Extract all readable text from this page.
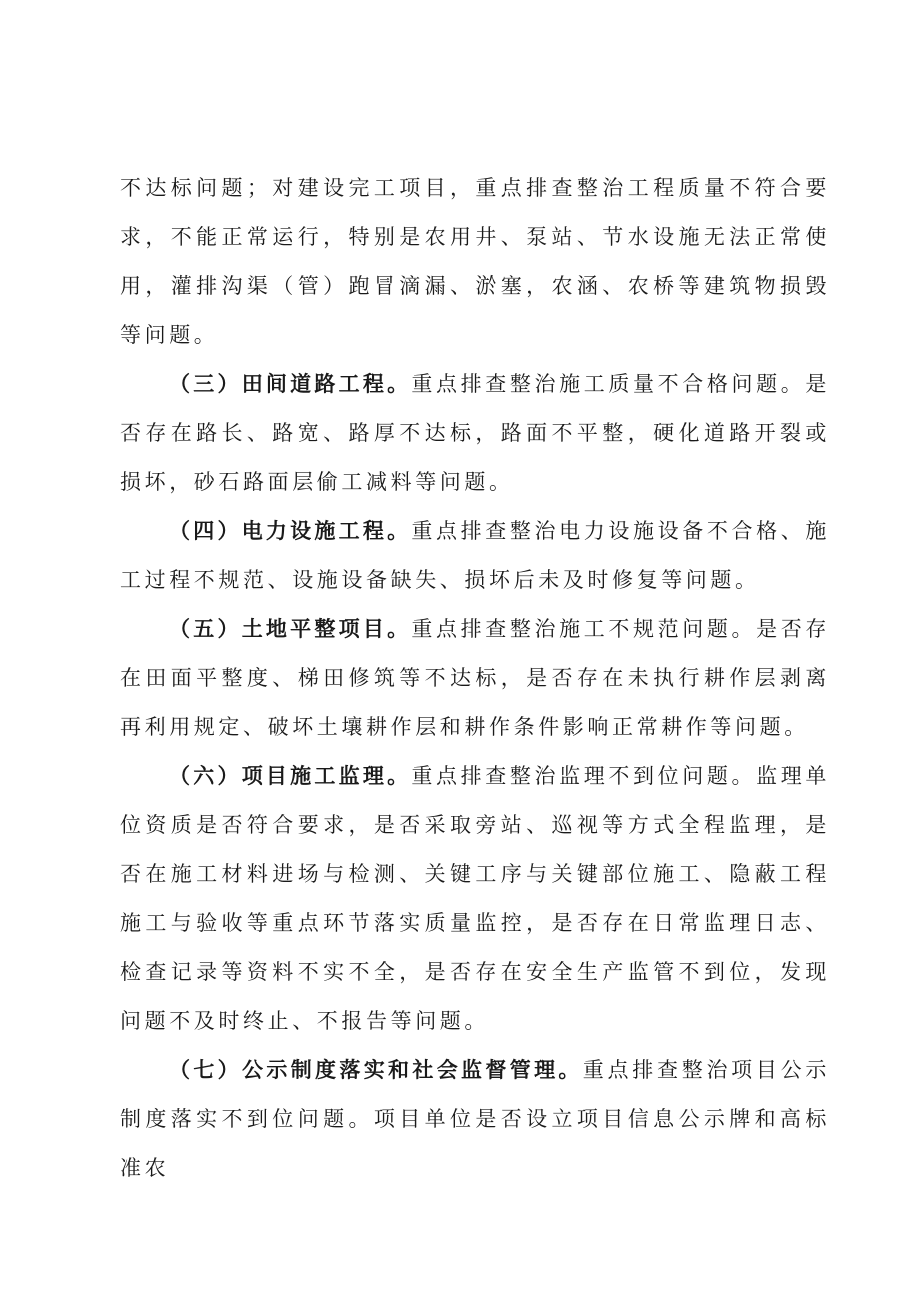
不达标问题；对建设完工项目，重点排查整治工程质量不符合要求，不能正常运行，特别是农用井、泵站、节水设施无法正常使用，灌排沟渠（管）跑冒滴漏、淤塞，农涵、农桥等建筑物损毁等问题。

（三）田间道路工程。重点排查整治施工质量不合格问题。是否存在路长、路宽、路厚不达标，路面不平整，硬化道路开裂或损坏，砂石路面层偷工减料等问题。

（四）电力设施工程。重点排查整治电力设施设备不合格、施工过程不规范、设施设备缺失、损坏后未及时修复等问题。

（五）土地平整项目。重点排查整治施工不规范问题。是否存在田面平整度、梯田修筑等不达标，是否存在未执行耕作层剥离再利用规定、破坏土壤耕作层和耕作条件影响正常耕作等问题。

（六）项目施工监理。重点排查整治监理不到位问题。监理单位资质是否符合要求，是否采取旁站、巡视等方式全程监理，是否在施工材料进场与检测、关键工序与关键部位施工、隐蔽工程施工与验收等重点环节落实质量监控，是否存在日常监理日志、检查记录等资料不实不全，是否存在安全生产监管不到位，发现问题不及时终止、不报告等问题。

（七）公示制度落实和社会监督管理。重点排查整治项目公示制度落实不到位问题。项目单位是否设立项目信息公示牌和高标准农
